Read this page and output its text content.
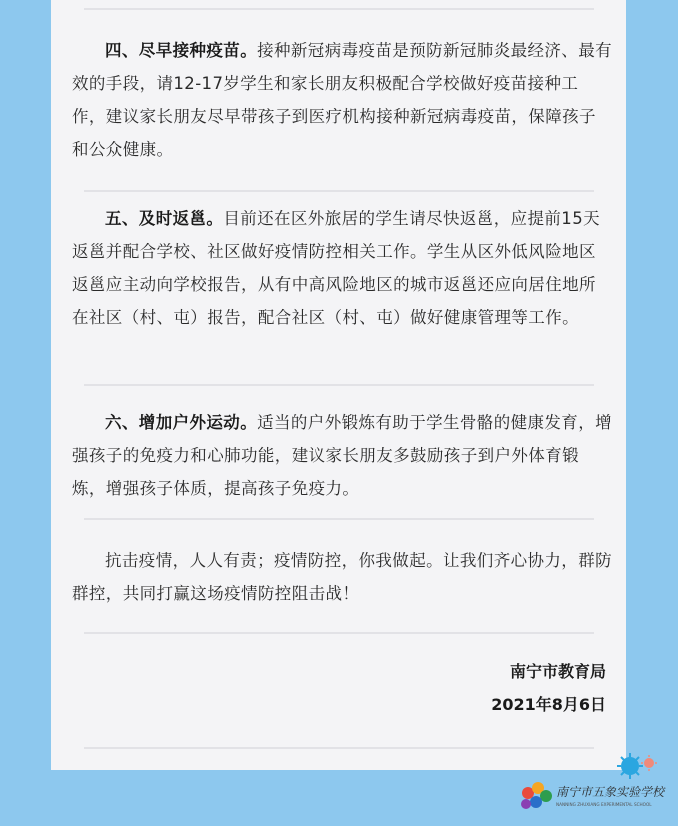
四、尽早接种疫苗。接种新冠病毒疫苗是预防新冠肺炎最经济、最有效的手段，请12-17岁学生和家长朋友积极配合学校做好疫苗接种工作，建议家长朋友尽早带孩子到医疗机构接种新冠病毒疫苗，保障孩子和公众健康。

五、及时返邕。目前还在区外旅居的学生请尽快返邕，应提前15天返邕并配合学校、社区做好疫情防控相关工作。学生从区外低风险地区返邕应主动向学校报告，从有中高风险地区的城市返邕还应向居住地所在社区（村、屯）报告，配合社区（村、屯）做好健康管理等工作。

六、增加户外运动。适当的户外锻炼有助于学生骨骼的健康发育，增强孩子的免疫力和心肺功能，建议家长朋友多鼓励孩子到户外体育锻炼，增强孩子体质，提高孩子免疫力。

抗击疫情，人人有责；疫情防控，你我做起。让我们齐心协力，群防群控，共同打赢这场疫情防控阻击战！

南宁市教育局
2021年8月6日
南宁市五象实验学校
NANNING ZHUXIANG EXPERIMENTAL SCHOOL
